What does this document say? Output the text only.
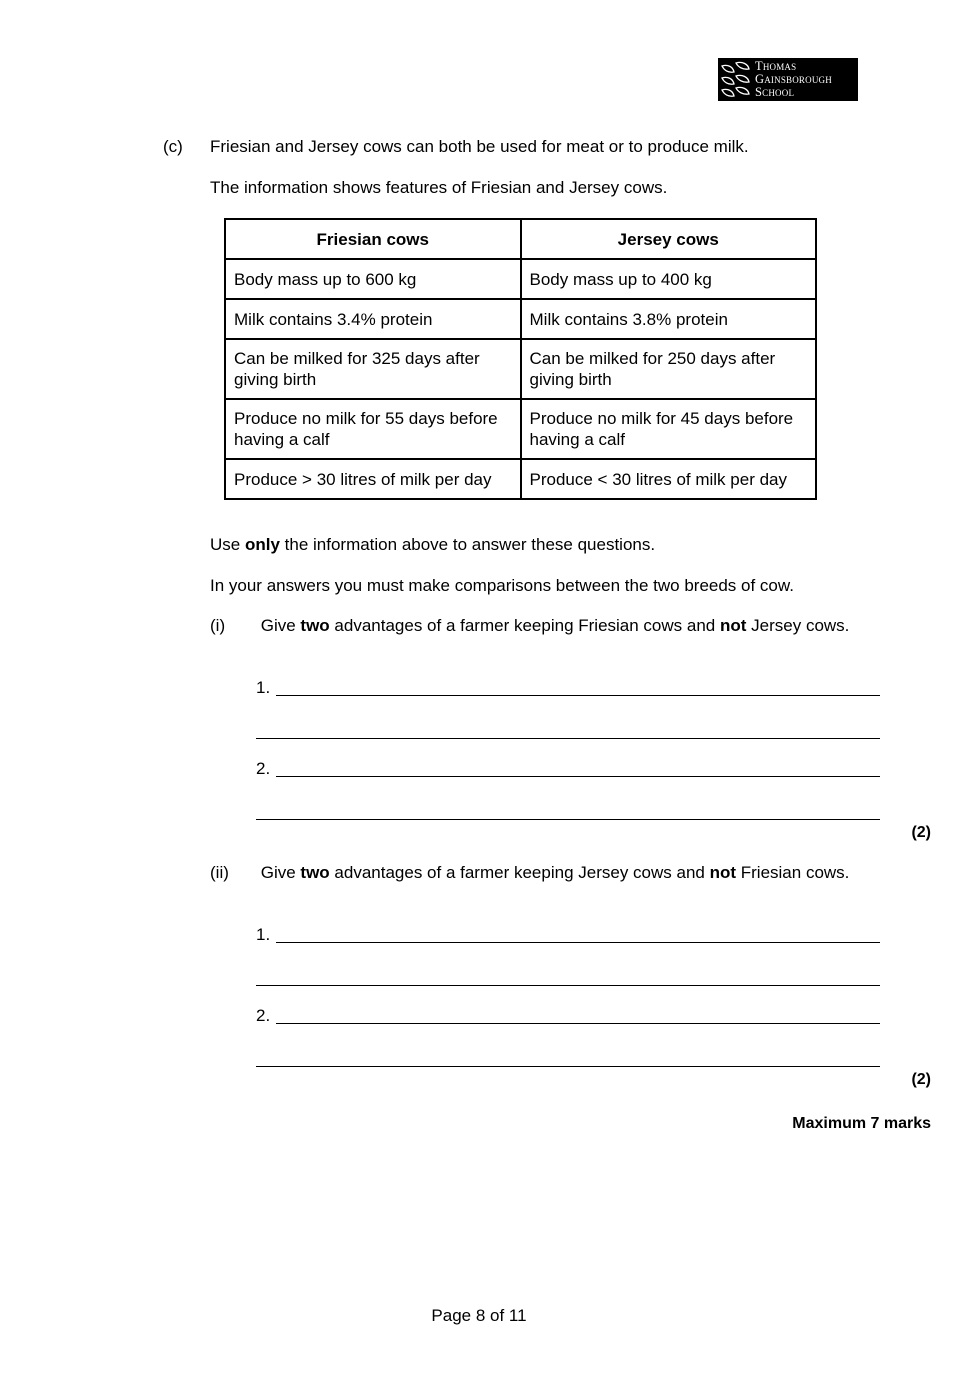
Thomas
Gainsborough
School
(c) Friesian and Jersey cows can both be used for meat or to produce milk.
The information shows features of Friesian and Jersey cows.
Friesian cows	Jersey cows
Body mass up to 600 kg	Body mass up to 400 kg
Milk contains 3.4% protein	Milk contains 3.8% protein
Can be milked for 325 days after giving birth	Can be milked for 250 days after giving birth
Produce no milk for 55 days before having a calf	Produce no milk for 45 days before having a calf
Produce > 30 litres of milk per day	Produce < 30 litres of milk per day
Use only the information above to answer these questions.
In your answers you must make comparisons between the two breeds of cow.
(i) Give two advantages of a farmer keeping Friesian cows and not Jersey cows.
1.
2.
(2)
(ii) Give two advantages of a farmer keeping Jersey cows and not Friesian cows.
1.
2.
(2)
Maximum 7 marks
Page 8 of 11
